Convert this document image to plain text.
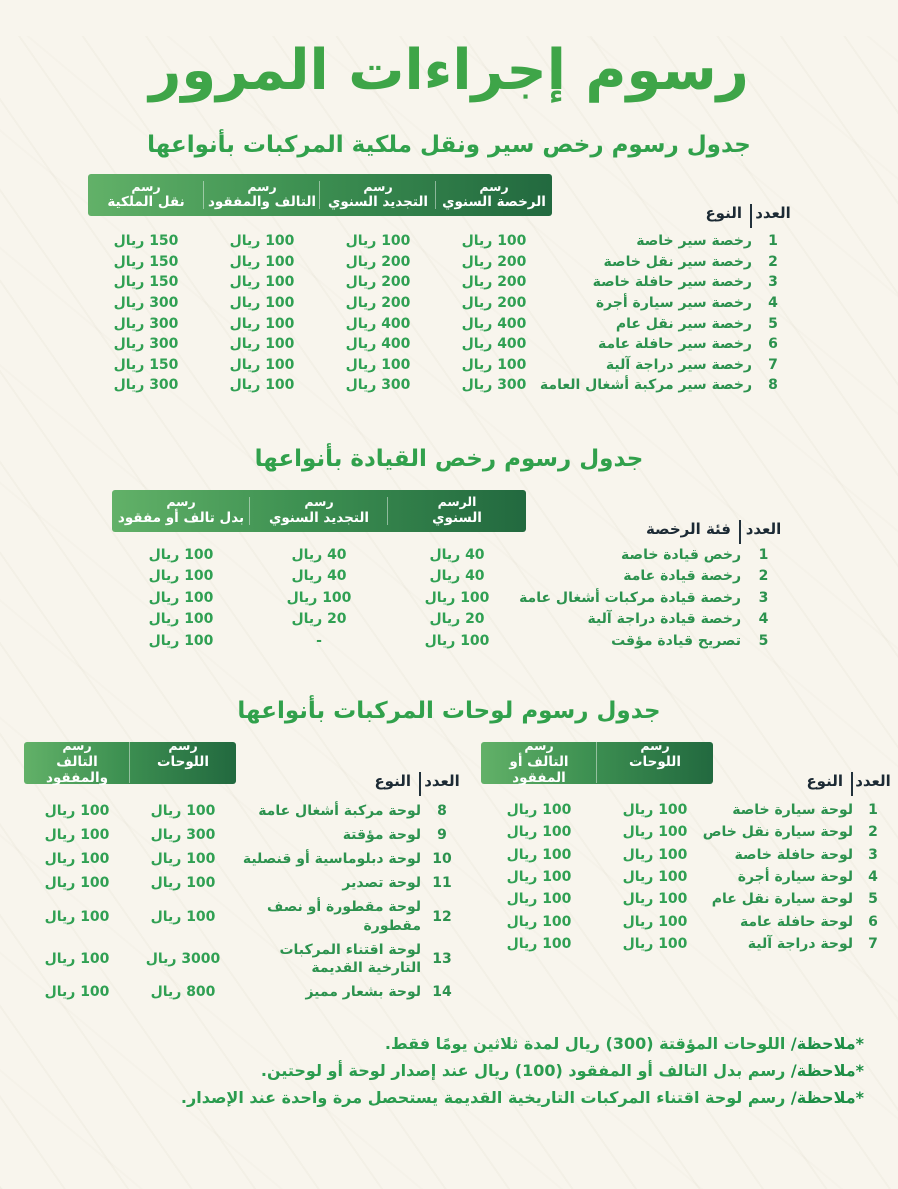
رسوم إجراءات المرور
جدول رسوم رخص سير ونقل ملكية المركبات بأنواعها
العدد
النوع
رسم
الرخصة السنوي
رسم
التجديد السنوي
رسم
التالف والمفقود
رسم
نقل الملكية
1
رخصة سير خاصة
100 ريال
100 ريال
100 ريال
150 ريال
2
رخصة سير نقل خاصة
200 ريال
200 ريال
100 ريال
150 ريال
3
رخصة سير حافلة خاصة
200 ريال
200 ريال
100 ريال
150 ريال
4
رخصة سير سيارة أجرة
200 ريال
200 ريال
100 ريال
300 ريال
5
رخصة سير نقل عام
400 ريال
400 ريال
100 ريال
300 ريال
6
رخصة سير حافلة عامة
400 ريال
400 ريال
100 ريال
300 ريال
7
رخصة سير دراجة آلية
100 ريال
100 ريال
100 ريال
150 ريال
8
رخصة سير مركبة أشغال العامة
300 ريال
300 ريال
100 ريال
300 ريال
جدول رسوم رخص القيادة بأنواعها
العدد
فئة الرخصة
الرسم
السنوي
رسم
التجديد السنوي
رسم
بدل تالف أو مفقود
1
رخص قيادة خاصة
40 ريال
40 ريال
100 ريال
2
رخصة قيادة عامة
40 ريال
40 ريال
100 ريال
3
رخصة قيادة مركبات أشغال عامة
100 ريال
100 ريال
100 ريال
4
رخصة قيادة دراجة آلية
20 ريال
20 ريال
100 ريال
5
تصريح قيادة مؤقت
100 ريال
-
100 ريال
جدول رسوم لوحات المركبات بأنواعها
العدد
النوع
رسم
اللوحات
رسم
التالف أو المفقود
1
لوحة سيارة خاصة
100 ريال
100 ريال
2
لوحة سيارة نقل خاص
100 ريال
100 ريال
3
لوحة حافلة خاصة
100 ريال
100 ريال
4
لوحة سيارة أجرة
100 ريال
100 ريال
5
لوحة سيارة نقل عام
100 ريال
100 ريال
6
لوحة حافلة عامة
100 ريال
100 ريال
7
لوحة دراجة آلية
100 ريال
100 ريال
العدد
النوع
رسم
اللوحات
رسم
التالف والمفقود
8
لوحة مركبة أشغال عامة
100 ريال
100 ريال
9
لوحة مؤقتة
300 ريال
100 ريال
10
لوحة دبلوماسية أو قنصلية
100 ريال
100 ريال
11
لوحة تصدير
100 ريال
100 ريال
12
لوحة مقطورة أو نصف مقطورة
100 ريال
100 ريال
13
لوحة اقتناء المركبات التارخية القديمة
3000 ريال
100 ريال
14
لوحة بشعار مميز
800 ريال
100 ريال
*ملاحظة/ اللوحات المؤقتة (300) ريال لمدة ثلاثين يومًا فقط.
*ملاحظة/ رسم بدل التالف أو المفقود (100) ريال عند إصدار لوحة أو لوحتين.
*ملاحظة/ رسم لوحة اقتناء المركبات التاريخية القديمة يستحصل مرة واحدة عند الإصدار.
